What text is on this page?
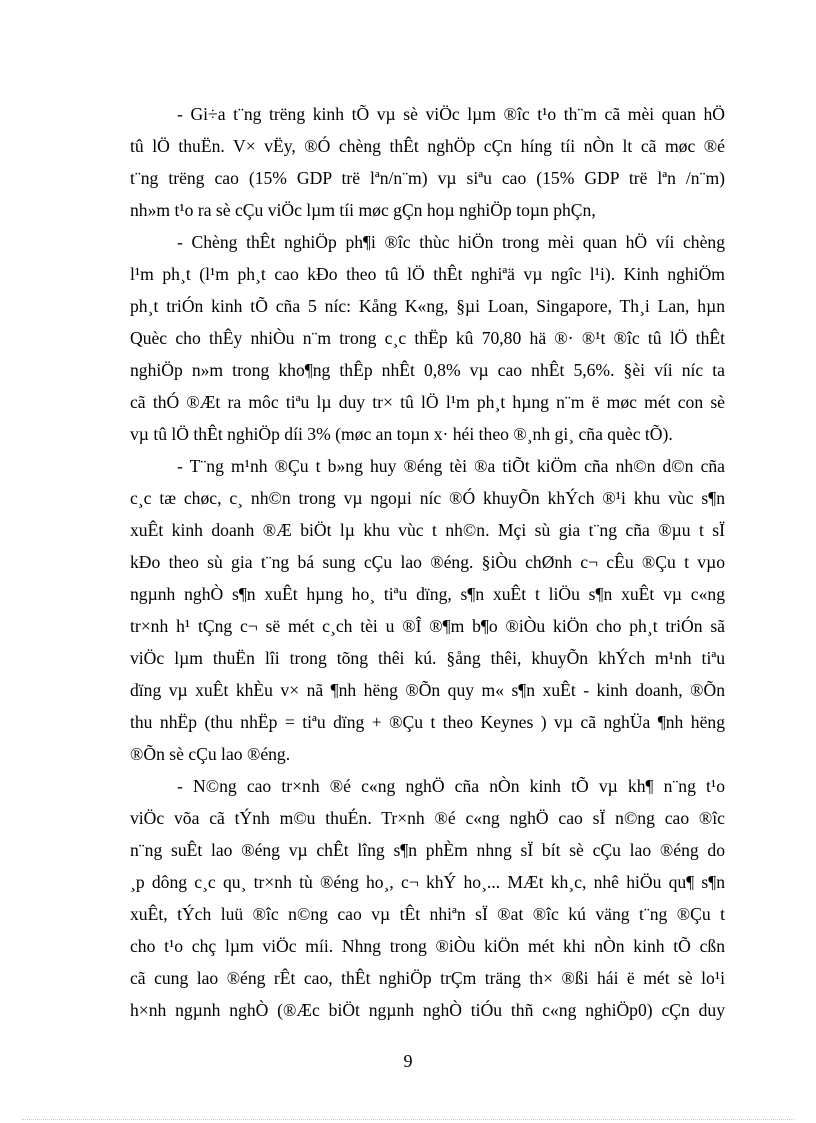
- Gi÷a t¨ng trëng kinh tÕ vµ sè viÖc lµm ®îc t¹o th¨m cã mèi quan hÖ
tû lÖ thuËn. V× vËy, ®Ó chèng thÊt nghÖp cÇn híng tíi nÒn lt cã møc ®é
t¨ng trëng cao (15% GDP trë lªn/n¨m) vµ siªu cao (15% GDP trë lªn /n¨m)
nh»m t¹o ra sè cÇu viÖc lµm tíi møc gÇn hoµ nghiÖp toµn phÇn,
- Chèng thÊt nghiÖp ph¶i ®îc thùc hiÖn trong mèi quan hÖ víi chèng
l¹m ph¸t (l¹m ph¸t cao kÐo theo tû lÖ thÊt nghiªä vµ ngîc l¹i). Kinh nghiÖm
ph¸t triÓn kinh tÕ cña 5 níc: Kång K«ng, §µi Loan, Singapore, Th¸i Lan, hµn
Quèc cho thÊy nhiÒu n¨m trong c¸c thËp kû 70,80 hä ®· ®¹t ®îc tû lÖ thÊt
nghiÖp n»m trong kho¶ng thÊp nhÊt 0,8% vµ cao nhÊt 5,6%. §èi víi níc ta
cã thÓ ®Æt ra môc tiªu lµ duy tr× tû lÖ l¹m ph¸t hµng n¨m ë møc mét con sè
vµ tû lÖ thÊt nghiÖp díi 3% (møc an toµn x· héi theo ®¸nh gi¸ cña quèc tÕ).
- T¨ng m¹nh ®Çu t b»ng huy ®éng tèi ®a tiÕt kiÖm cña nh©n d©n cña
c¸c tæ chøc, c¸ nh©n trong vµ ngoµi níc ®Ó khuyÕn khÝch ®¹i khu vùc s¶n
xuÊt kinh doanh ®Æ biÖt lµ khu vùc t nh©n. Mçi sù gia t¨ng cña ®µu t sÏ
kÐo theo sù gia t¨ng bá sung cÇu lao ®éng. §iÒu chØnh c¬ cÊu ®Çu t vµo
ngµnh nghÒ s¶n xuÊt hµng ho¸ tiªu dïng, s¶n xuÊt t liÖu s¶n xuÊt vµ c«ng
tr×nh h¹ tÇng c¬ së mét c¸ch tèi u ®Î ®¶m b¶o ®iÒu kiÖn cho ph¸t triÓn sã
viÖc lµm thuËn lîi trong tõng thêi kú. §ång thêi, khuyÕn khÝch m¹nh tiªu
dïng vµ xuÊt khÈu v× nã ¶nh hëng ®Õn quy m« s¶n xuÊt - kinh doanh, ®Õn
thu nhËp (thu nhËp = tiªu dïng + ®Çu t theo Keynes ) vµ cã nghÜa ¶nh hëng
®Õn sè cÇu lao ®éng.
- N©ng cao tr×nh ®é c«ng nghÖ cña nÒn kinh tÕ vµ kh¶ n¨ng t¹o
viÖc võa cã tÝnh m©u thuÉn. Tr×nh ®é c«ng nghÖ cao sÏ n©ng cao ®îc
n¨ng suÊt lao ®éng vµ chÊt lîng s¶n phÈm nhng sÏ bít sè cÇu lao ®éng do
¸p dông c¸c qu¸ tr×nh tù ®éng ho¸, c¬ khÝ ho¸... MÆt kh¸c, nhê hiÖu qu¶ s¶n
xuÊt, tÝch luü ®îc n©ng cao vµ tÊt nhiªn sÏ ®at ®îc kú väng t¨ng ®Çu t
cho t¹o chç lµm viÖc míi. Nhng trong ®iÒu kiÖn mét khi nÒn kinh tÕ cßn
cã cung lao ®éng rÊt cao, thÊt nghiÖp trÇm träng th× ®ßi hái ë mét sè lo¹i
h×nh ngµnh nghÒ (®Æc biÖt ngµnh nghÒ tiÓu thñ c«ng nghiÖp0) cÇn duy
9
